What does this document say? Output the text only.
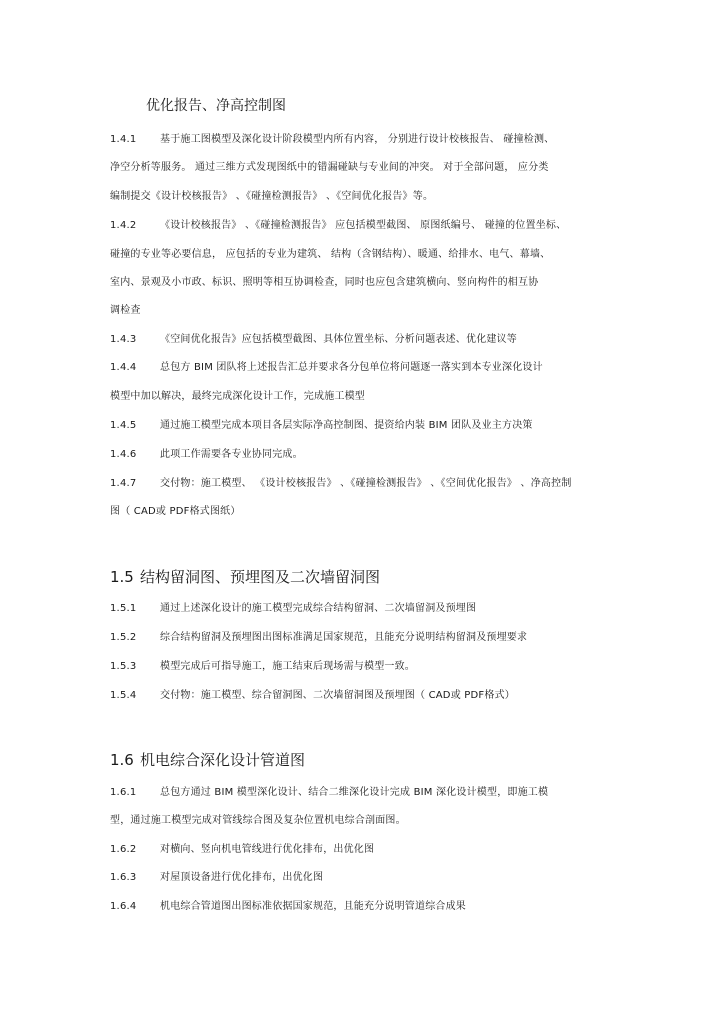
优化报告、净高控制图
1.4.1 基于施工图模型及深化设计阶段模型内所有内容， 分别进行设计校核报告、 碰撞检测、
净空分析等服务。 通过三维方式发现图纸中的错漏碰缺与专业间的冲突。 对于全部问题， 应分类
编制提交《设计校核报告》 、《碰撞检测报告》 、《空间优化报告》等。
1.4.2 《设计校核报告》 、《碰撞检测报告》 应包括模型截图、 原图纸编号、 碰撞的位置坐标、
碰撞的专业等必要信息， 应包括的专业为建筑、 结构（含钢结构）、暖通、给排水、电气、幕墙、
室内、景观及小市政、标识、照明等相互协调检查，同时也应包含建筑横向、竖向构件的相互协
调检查
1.4.3 《空间优化报告》应包括模型截图、具体位置坐标、分析问题表述、优化建议等
1.4.4 总包方 BIM 团队将上述报告汇总并要求各分包单位将问题逐一落实到本专业深化设计
模型中加以解决，最终完成深化设计工作，完成施工模型
1.4.5 通过施工模型完成本项目各层实际净高控制图、提资给内装 BIM 团队及业主方决策
1.4.6 此项工作需要各专业协同完成。
1.4.7 交付物：施工模型、 《设计校核报告》 、《碰撞检测报告》 、《空间优化报告》 、净高控制
图（ CAD或 PDF格式图纸）
1.5 结构留洞图、预埋图及二次墙留洞图
1.5.1 通过上述深化设计的施工模型完成综合结构留洞、二次墙留洞及预埋图
1.5.2 综合结构留洞及预埋图出图标准满足国家规范，且能充分说明结构留洞及预埋要求
1.5.3 模型完成后可指导施工，施工结束后现场需与模型一致。
1.5.4 交付物：施工模型、综合留洞图、二次墙留洞图及预埋图（ CAD或 PDF格式）
1.6 机电综合深化设计管道图
1.6.1 总包方通过 BIM 模型深化设计、结合二维深化设计完成 BIM 深化设计模型，即施工模
型，通过施工模型完成对管线综合图及复杂位置机电综合剖面图。
1.6.2 对横向、竖向机电管线进行优化排布，出优化图
1.6.3 对屋顶设备进行优化排布，出优化图
1.6.4 机电综合管道图出图标准依据国家规范，且能充分说明管道综合成果
